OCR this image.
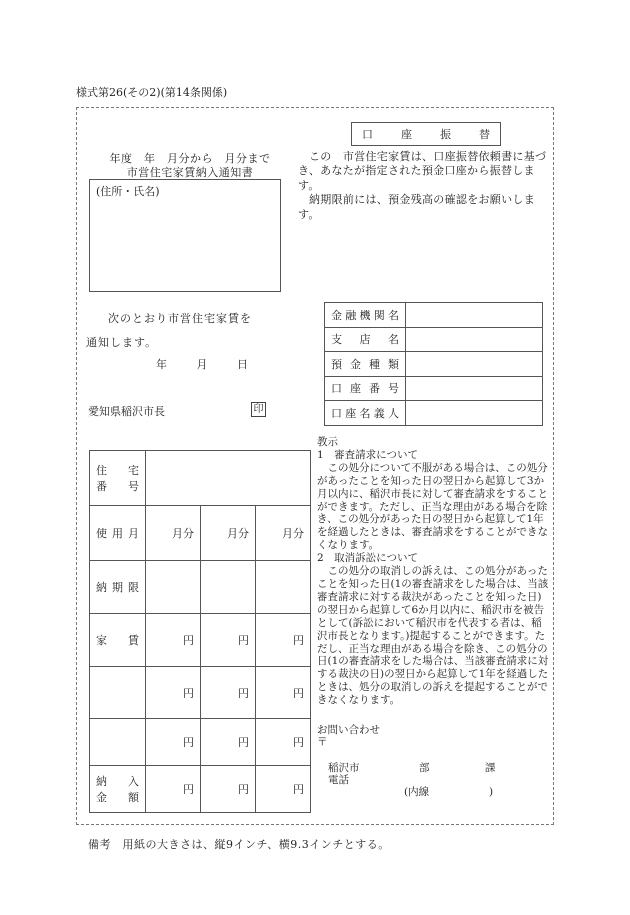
様式第26(その2)(第14条関係)
年度　年　月分から　月分まで
市営住宅家賃納入通知書
(住所・氏名)
口	座	振	替

この　市営住宅家賃は、口座振替依頼書に基づき、あなたが指定された預金口座から振替します。

納期限前には、預金残高の確認をお願いします。

次のとおり市営住宅家賃を
通知します。
年	月	日
愛知県稲沢市長	印
金 融 機 関 名	

支 店 名	

預 金 種 類	

口 座 番 号	

口 座 名 義 人	

住 宅
番 号			

使 用 月	月分	月分	月分

納 期 限			

家 賃	円	円	円
	円	円	円
	円	円	円

納 入
金 額	円	円	円

教示

1　審査請求について

この処分について不服がある場合は、この処分があったことを知った日の翌日から起算して3か月以内に、稲沢市長に対して審査請求をすることができます。ただし、正当な理由がある場合を除き、この処分があった日の翌日から起算して1年を経過したときは、審査請求をすることができなくなります。

2　取消訴訟について

この処分の取消しの訴えは、この処分があったことを知った日(1の審査請求をした場合は、当該審査請求に対する裁決があったことを知った日)の翌日から起算して6か月以内に、稲沢市を被告として(訴訟において稲沢市を代表する者は、稲沢市長となります。)提起することができます。ただし、正当な理由がある場合を除き、この処分の日(1の審査請求をした場合は、当該審査請求に対する裁決の日)の翌日から起算して1年を経過したときは、処分の取消しの訴えを提起することができなくなります。

お問い合わせ
〒
稲沢市	部	課
電話
(内線	)
備考　用紙の大きさは、縦9インチ、横9.3インチとする。
